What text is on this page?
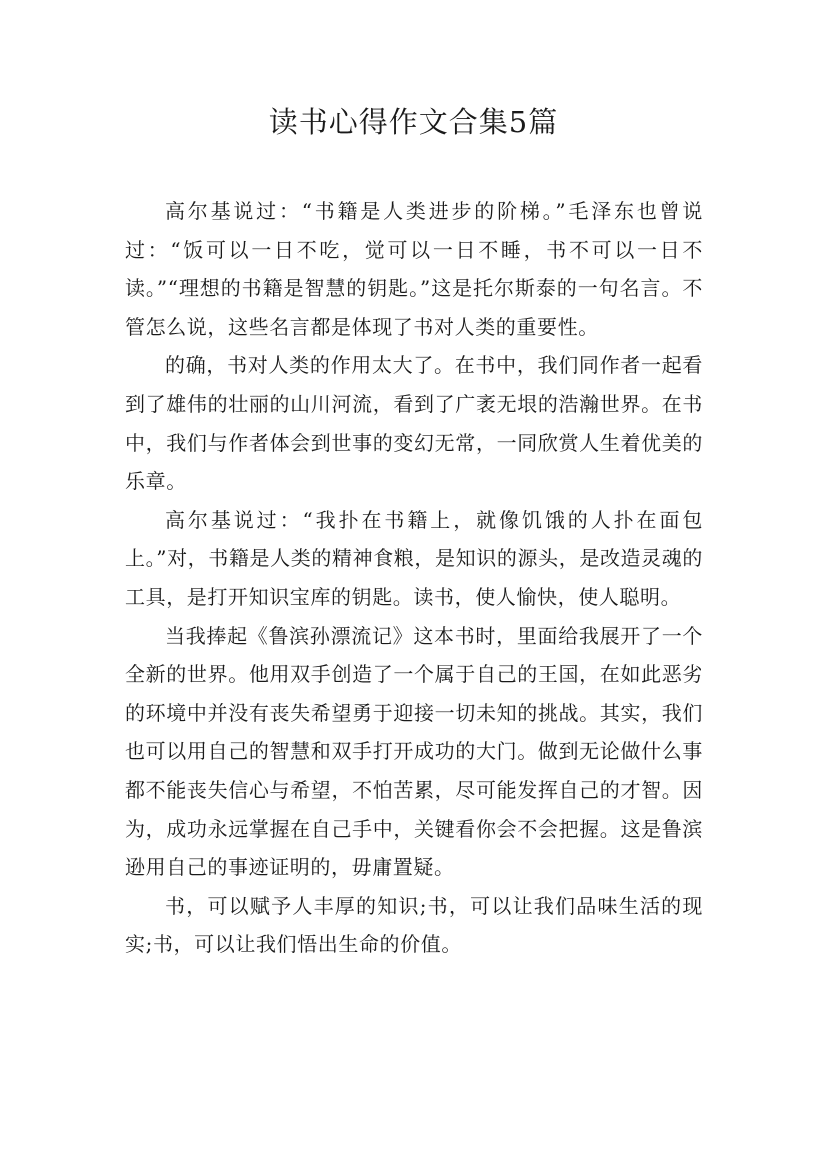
读书心得作文合集5篇

高尔基说过：“书籍是人类进步的阶梯。”毛泽东也曾说过：“饭可以一日不吃，觉可以一日不睡，书不可以一日不读。”“理想的书籍是智慧的钥匙。”这是托尔斯泰的一句名言。不管怎么说，这些名言都是体现了书对人类的重要性。

的确，书对人类的作用太大了。在书中，我们同作者一起看到了雄伟的壮丽的山川河流，看到了广袤无垠的浩瀚世界。在书中，我们与作者体会到世事的变幻无常，一同欣赏人生着优美的乐章。

高尔基说过：“我扑在书籍上，就像饥饿的人扑在面包上。”对，书籍是人类的精神食粮，是知识的源头，是改造灵魂的工具，是打开知识宝库的钥匙。读书，使人愉快，使人聪明。

当我捧起《鲁滨孙漂流记》这本书时，里面给我展开了一个全新的世界。他用双手创造了一个属于自己的王国，在如此恶劣的环境中并没有丧失希望勇于迎接一切未知的挑战。其实，我们也可以用自己的智慧和双手打开成功的大门。做到无论做什么事都不能丧失信心与希望，不怕苦累，尽可能发挥自己的才智。因为，成功永远掌握在自己手中，关键看你会不会把握。这是鲁滨逊用自己的事迹证明的，毋庸置疑。

书，可以赋予人丰厚的知识;书，可以让我们品味生活的现实;书，可以让我们悟出生命的价值。
